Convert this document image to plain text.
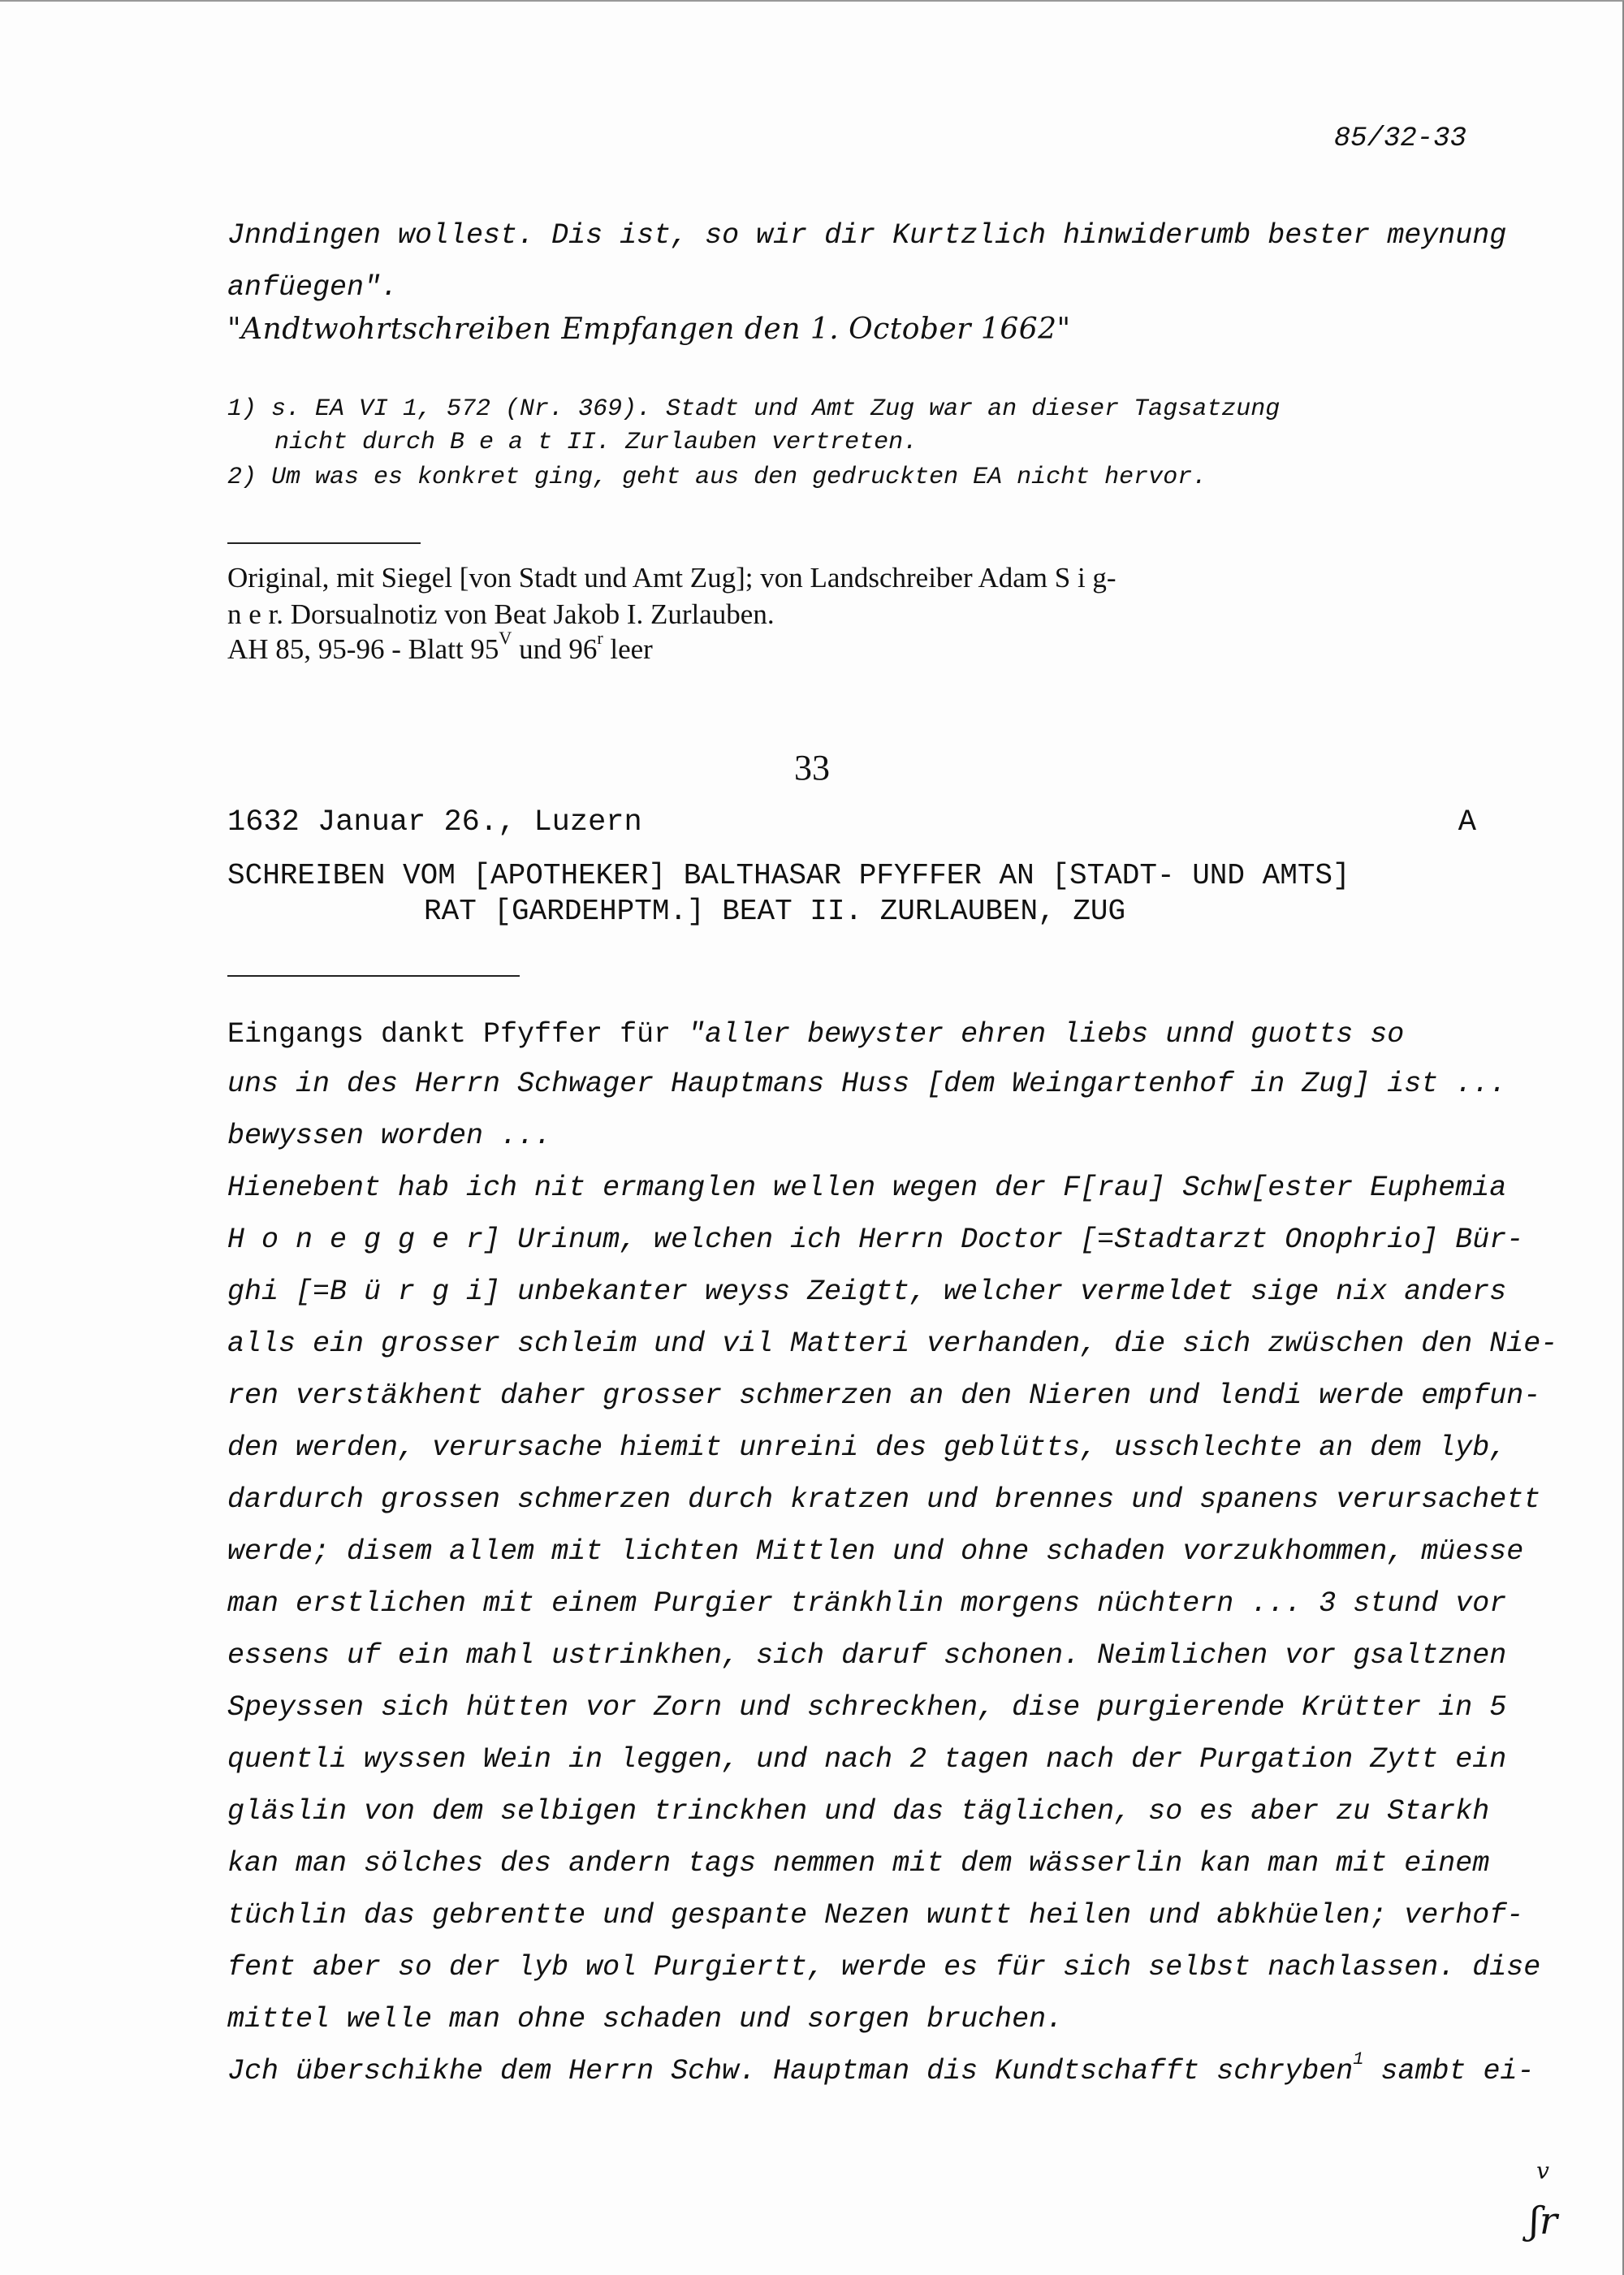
85/32-33
Jnndingen wollest. Dis ist, so wir dir Kurtzlich hinwiderumb bester meynung
anfüegen".
"Andtwohrtschreiben Empfangen den 1. October 1662"
1) s. EA VI 1, 572 (Nr. 369). Stadt und Amt Zug war an dieser Tagsatzung
nicht durch B e a t II. Zurlauben vertreten.
2) Um was es konkret ging, geht aus den gedruckten EA nicht hervor.
Original, mit Siegel [von Stadt und Amt Zug]; von Landschreiber Adam S i g-
n e r. Dorsualnotiz von Beat Jakob I. Zurlauben.
AH 85, 95-96 - Blatt $95^V$ und 96$^r$ leer
33
1632 Januar 26., Luzern	A
SCHREIBEN VOM [APOTHEKER] BALTHASAR PFYFFER AN [STADT- UND AMTS]
RAT [GARDEHPTM.] BEAT II. ZURLAUBEN, ZUG
Eingangs dankt Pfyffer für "aller bewyster ehren liebs unnd guotts so
uns in des Herrn Schwager Hauptmans Huss [dem Weingartenhof in Zug] ist ...
bewyssen worden ...
Hienebent hab ich nit ermanglen wellen wegen der F[rau] Schw[ester Euphemia
H o n e g g e r] Urinum, welchen ich Herrn Doctor [=Stadtarzt Onophrio] Bür-
ghi [=B ü r g i] unbekanter weyss Zeigtt, welcher vermeldet sige nix anders
alls ein grosser schleim und vil Matteri verhanden, die sich zwüschen den Nie-
ren verstäkhent daher grosser schmerzen an den Nieren und lendi werde empfun-
den werden, verursache hiemit unreini des geblütts, usschlechte an dem lyb,
dardurch grossen schmerzen durch kratzen und brennes und spanens verursachett
werde; disem allem mit lichten Mittlen und ohne schaden vorzukhommen, müesse
man erstlichen mit einem Purgier tränkhlin morgens nüchtern ... 3 stund vor
essens uf ein mahl ustrinkhen, sich daruf schonen. Neimlichen vor gsaltznen
Speyssen sich hütten vor Zorn und schreckhen, dise purgierende Krütter in 5
quentli wyssen Wein in leggen, und nach 2 tagen nach der Purgation Zytt ein
gläslin von dem selbigen trinckhen und das täglichen, so es aber zu Starkh
kan man sölches des andern tags nemmen mit dem wässerlin kan man mit einem
tüchlin das gebrentte und gespante Nezen wuntt heilen und abkhüelen; verhof-
fent aber so der lyb wol Purgiertt, werde es für sich selbst nachlassen. dise
mittel welle man ohne schaden und sorgen bruchen.
Jch überschikhe dem Herrn Schw. Hauptman dis Kundtschafft schryben$^1$ sambt ei-
v
ʃr
